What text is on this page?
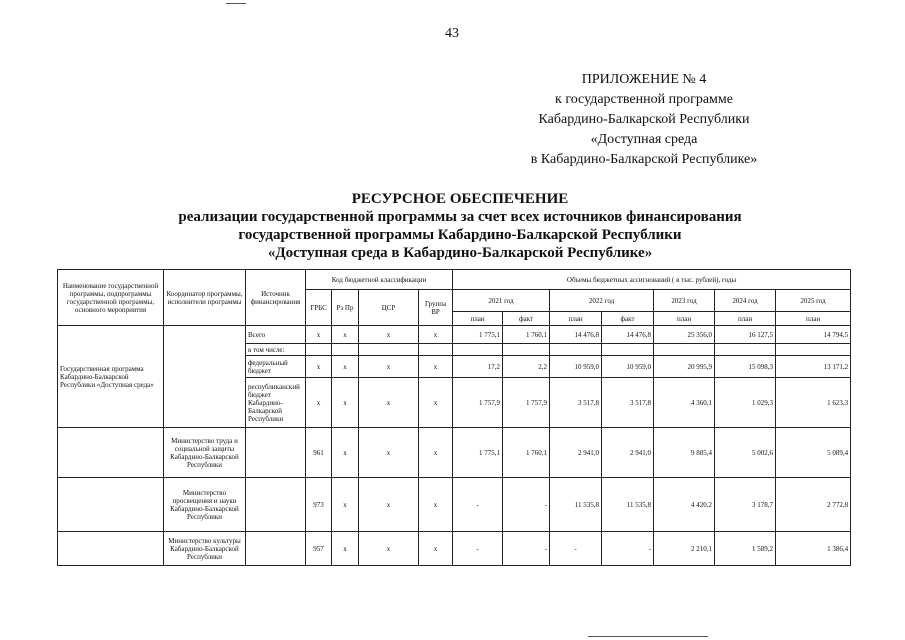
43
ПРИЛОЖЕНИЕ № 4
к государственной программе
Кабардино-Балкарской Республики
«Доступная среда
в Кабардино-Балкарской Республике»
РЕСУРСНОЕ ОБЕСПЕЧЕНИЕ
реализации государственной программы за счет всех источников финансирования
государственной программы Кабардино-Балкарской Республики
«Доступная среда в Кабардино-Балкарской Республике»
Наименование государственной программы, подпрограммы государственной программы, основного мероприятия	Координатор программы, исполнители программы	Источник финансирования	Код бюджетной классификации				Объемы бюджетных ассигнований ( в тыс. рублей), годы						
			ГРБС	Рз Пр	ЦСР	Группа ВР	2021 год		2022 год		2023 год	2024 год	2025 год
							план	факт	план	факт	план	план	план
Государственная программа Кабардино-Балкарской Республики «Доступная среда»		Всего	x	x	x	x	1 775,1	1 760,1	14 476,8	14 476,8	25 356,0	16 127,5	14 794,5
		в том числе:											
		федеральный бюджет	x	x	x	x	17,2	2,2	10 959,0	10 959,0	20 995,9	15 098,3	13 171,2
		республиканский бюджет Кабардино-Балкарской Республики	x	x	x	x	1 757,9	1 757,9	3 517,8	3 517,8	4 360,1	1 029,3	1 623,3
	Министерство труда и социальной защиты Кабардино-Балкарской Республики		961	x	x	x	1 775,1	1 760,1	2 941,0	2 941,0	9 885,4	5 002,6	5 089,4
	Министерство просвещения и науки Кабардино-Балкарской Республики		973	x	x	x	-	-	11 535,8	11 535,8	4 420,2	3 178,7	2 772,8
	Министерство культуры Кабардино-Балкарской Республики		957	x	x	x	-	-	-	-	2 210,1	1 589,2	1 386,4
